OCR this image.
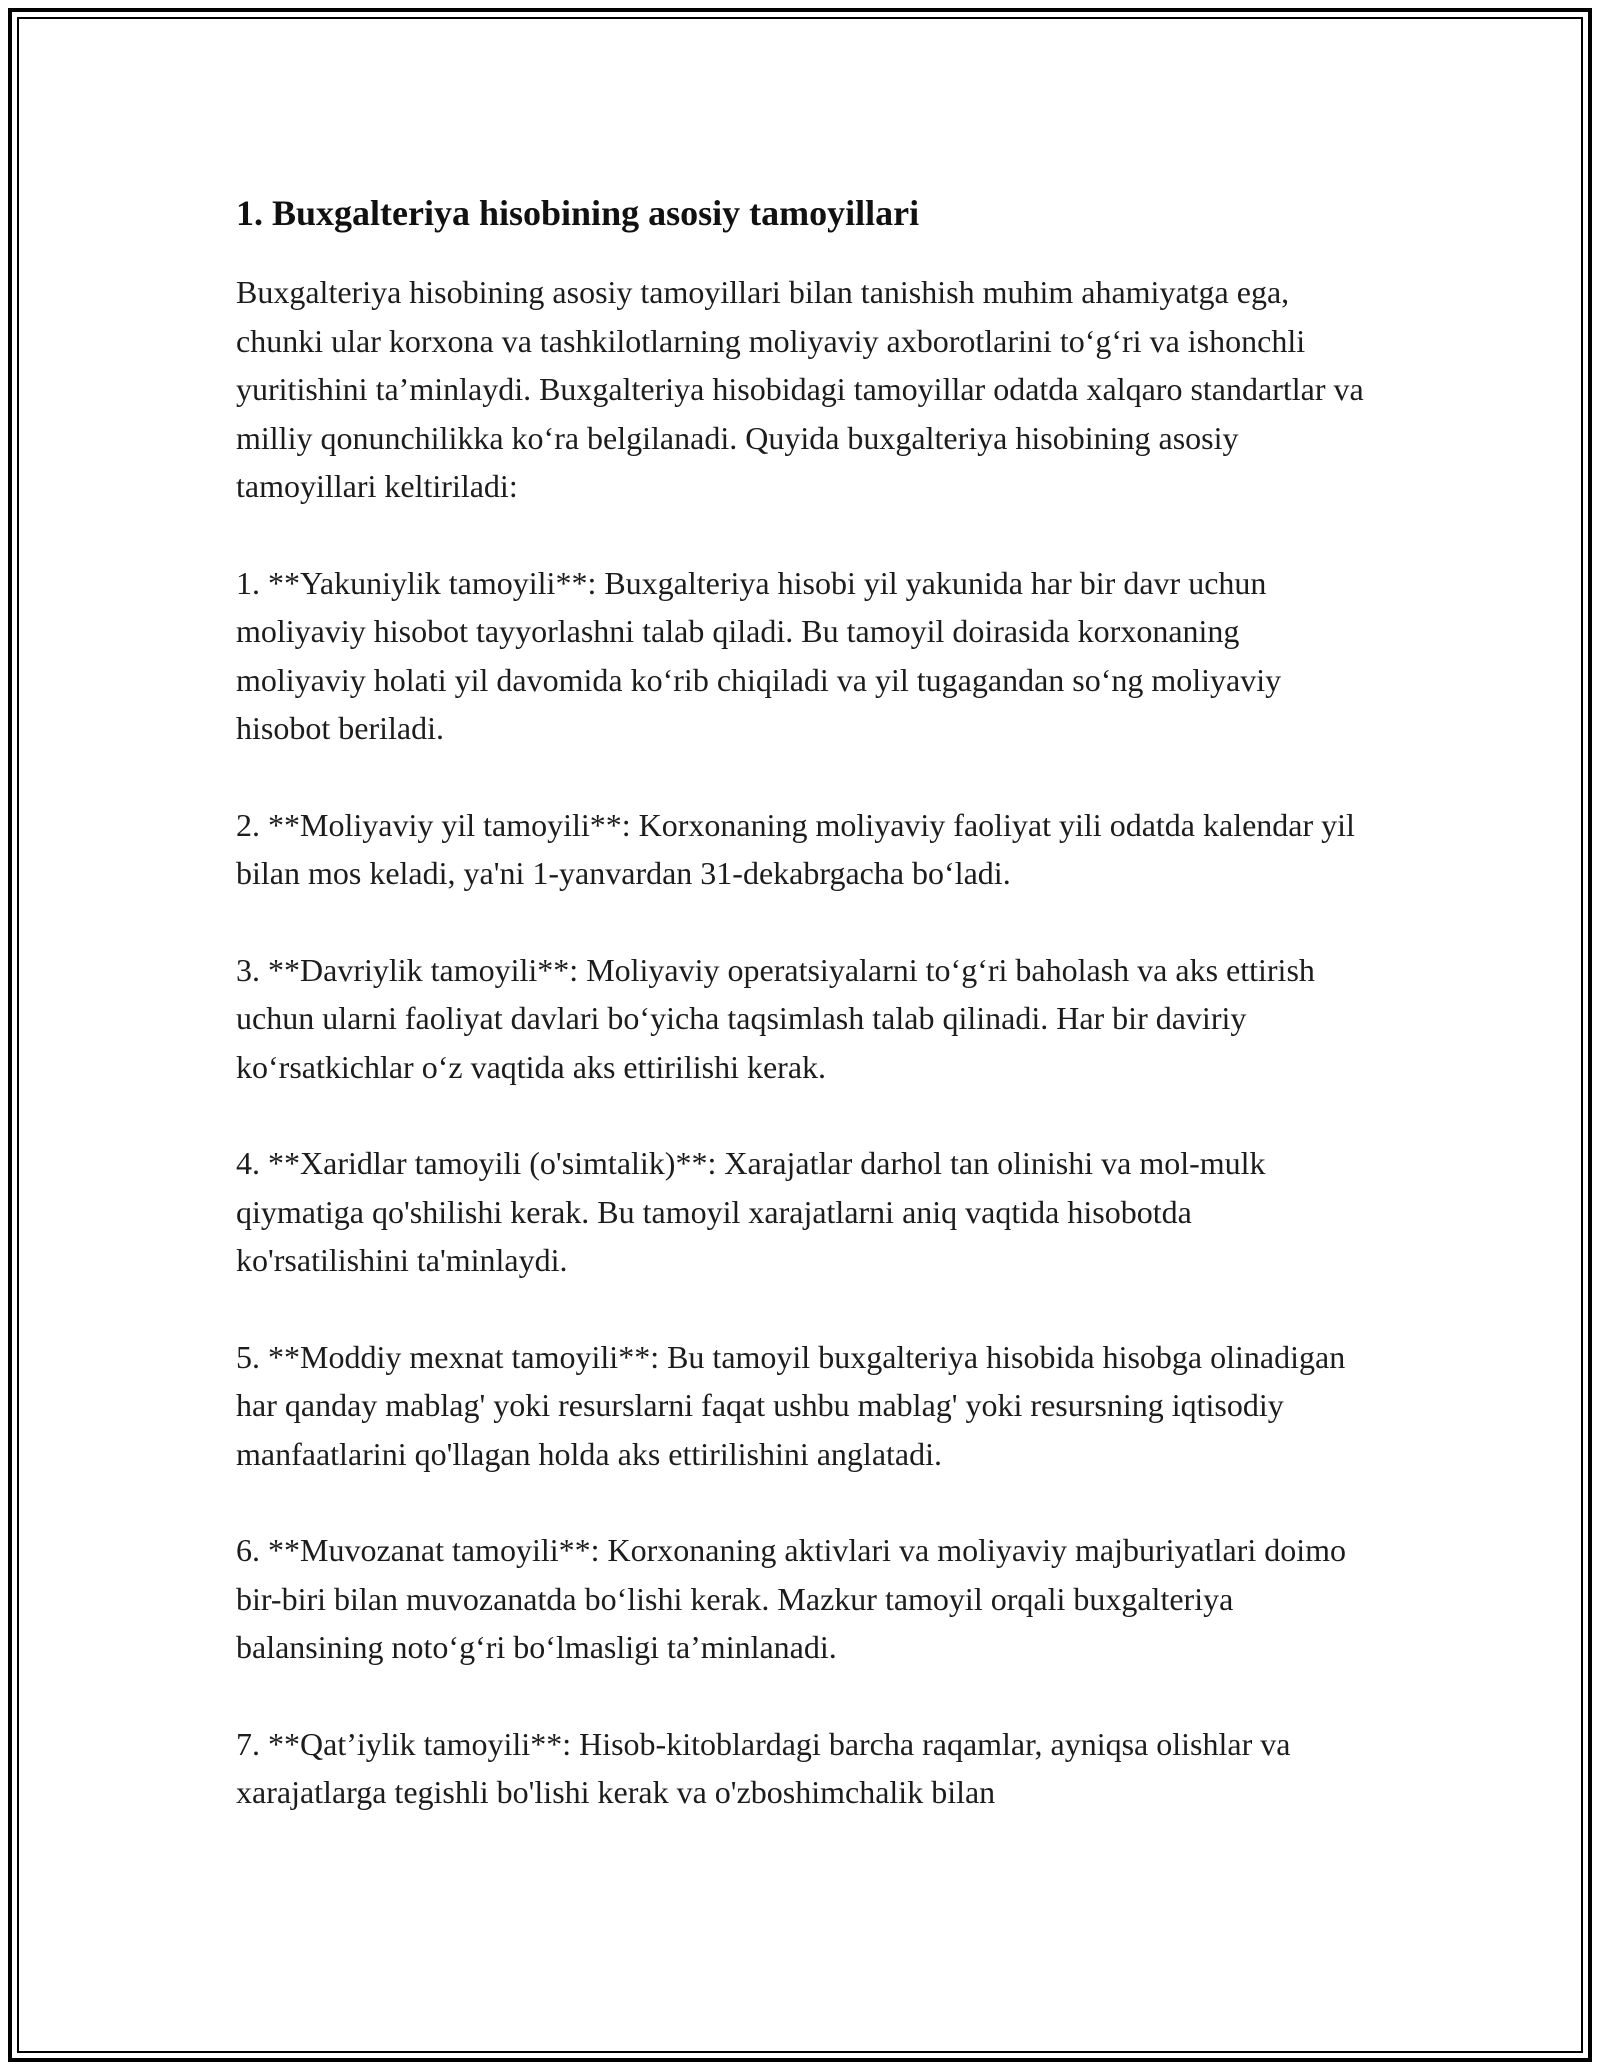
1. Buxgalteriya hisobining asosiy tamoyillari

Buxgalteriya hisobining asosiy tamoyillari bilan tanishish muhim ahamiyatga ega, chunki ular korxona va tashkilotlarning moliyaviy axborotlarini to‘g‘ri va ishonchli yuritishini ta’minlaydi. Buxgalteriya hisobidagi tamoyillar odatda xalqaro standartlar va milliy qonunchilikka ko‘ra belgilanadi. Quyida buxgalteriya hisobining asosiy tamoyillari keltiriladi:

1. **Yakuniylik tamoyili**: Buxgalteriya hisobi yil yakunida har bir davr uchun moliyaviy hisobot tayyorlashni talab qiladi. Bu tamoyil doirasida korxonaning moliyaviy holati yil davomida ko‘rib chiqiladi va yil tugagandan so‘ng moliyaviy hisobot beriladi.

2. **Moliyaviy yil tamoyili**: Korxonaning moliyaviy faoliyat yili odatda kalendar yil bilan mos keladi, ya'ni 1-yanvardan 31-dekabrgacha bo‘ladi.

3. **Davriylik tamoyili**: Moliyaviy operatsiyalarni to‘g‘ri baholash va aks ettirish uchun ularni faoliyat davlari bo‘yicha taqsimlash talab qilinadi. Har bir daviriy ko‘rsatkichlar o‘z vaqtida aks ettirilishi kerak.

4. **Xaridlar tamoyili (o'simtalik)**: Xarajatlar darhol tan olinishi va mol-mulk qiymatiga qo'shilishi kerak. Bu tamoyil xarajatlarni aniq vaqtida hisobotda ko'rsatilishini ta'minlaydi.

5. **Moddiy mexnat tamoyili**: Bu tamoyil buxgalteriya hisobida hisobga olinadigan har qanday mablag' yoki resurslarni faqat ushbu mablag' yoki resursning iqtisodiy manfaatlarini qo'llagan holda aks ettirilishini anglatadi.

6. **Muvozanat tamoyili**: Korxonaning aktivlari va moliyaviy majburiyatlari doimo bir-biri bilan muvozanatda bo‘lishi kerak. Mazkur tamoyil orqali buxgalteriya balansining noto‘g‘ri bo‘lmasligi ta’minlanadi.

7. **Qat’iylik tamoyili**: Hisob-kitoblardagi barcha raqamlar, ayniqsa olishlar va xarajatlarga tegishli bo'lishi kerak va o'zboshimchalik bilan
